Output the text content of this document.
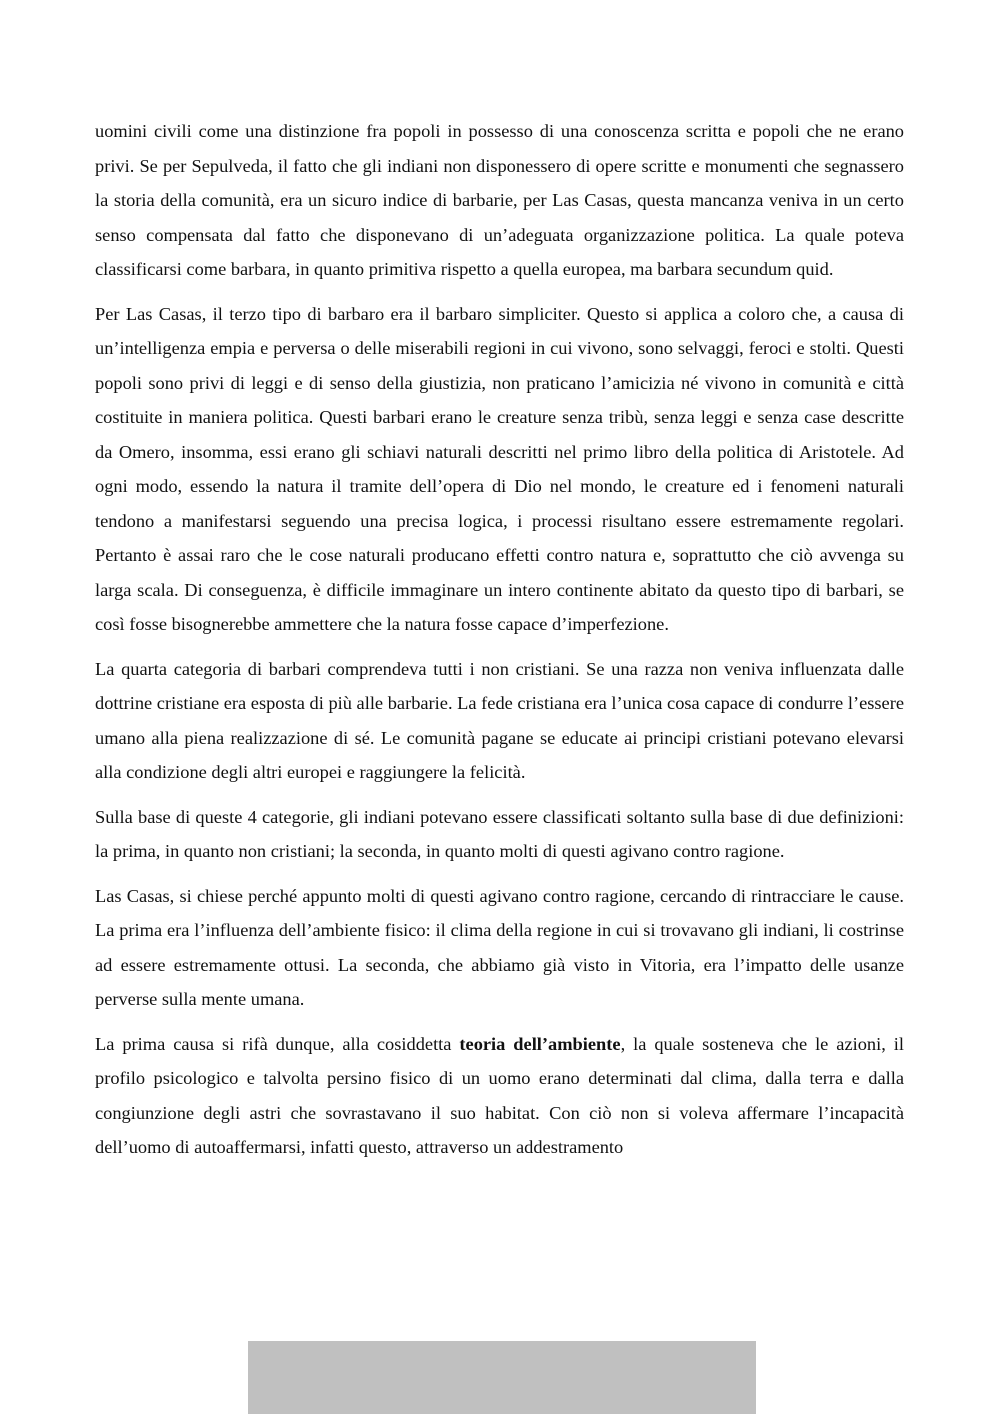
uomini civili come una distinzione fra popoli in possesso di una conoscenza scritta e popoli che ne erano privi. Se per Sepulveda, il fatto che gli indiani non disponessero di opere scritte e monumenti che segnassero la storia della comunità, era un sicuro indice di barbarie, per Las Casas, questa mancanza veniva in un certo senso compensata dal fatto che disponevano di un’adeguata organizzazione politica. La quale poteva classificarsi come barbara, in quanto primitiva rispetto a quella europea, ma barbara secundum quid.

Per Las Casas, il terzo tipo di barbaro era il barbaro simpliciter. Questo si applica a coloro che, a causa di un’intelligenza empia e perversa o delle miserabili regioni in cui vivono, sono selvaggi, feroci e stolti. Questi popoli sono privi di leggi e di senso della giustizia, non praticano l’amicizia né vivono in comunità e città costituite in maniera politica. Questi barbari erano le creature senza tribù, senza leggi e senza case descritte da Omero, insomma, essi erano gli schiavi naturali descritti nel primo libro della politica di Aristotele. Ad ogni modo, essendo la natura il tramite dell’opera di Dio nel mondo, le creature ed i fenomeni naturali tendono a manifestarsi seguendo una precisa logica, i processi risultano essere estremamente regolari. Pertanto è assai raro che le cose naturali producano effetti contro natura e, soprattutto che ciò avvenga su larga scala. Di conseguenza, è difficile immaginare un intero continente abitato da questo tipo di barbari, se così fosse bisognerebbe ammettere che la natura fosse capace d’imperfezione.

La quarta categoria di barbari comprendeva tutti i non cristiani. Se una razza non veniva influenzata dalle dottrine cristiane era esposta di più alle barbarie. La fede cristiana era l’unica cosa capace di condurre l’essere umano alla piena realizzazione di sé. Le comunità pagane se educate ai principi cristiani potevano elevarsi alla condizione degli altri europei e raggiungere la felicità.

Sulla base di queste 4 categorie, gli indiani potevano essere classificati soltanto sulla base di due definizioni: la prima, in quanto non cristiani; la seconda, in quanto molti di questi agivano contro ragione.

Las Casas, si chiese perché appunto molti di questi agivano contro ragione, cercando di rintracciare le cause. La prima era l’influenza dell’ambiente fisico: il clima della regione in cui si trovavano gli indiani, li costrinse ad essere estremamente ottusi. La seconda, che abbiamo già visto in Vitoria, era l’impatto delle usanze perverse sulla mente umana.

La prima causa si rifà dunque, alla cosiddetta teoria dell’ambiente, la quale sosteneva che le azioni, il profilo psicologico e talvolta persino fisico di un uomo erano determinati dal clima, dalla terra e dalla congiunzione degli astri che sovrastavano il suo habitat. Con ciò non si voleva affermare l’incapacità dell’uomo di autoaffermarsi, infatti questo, attraverso un addestramento
